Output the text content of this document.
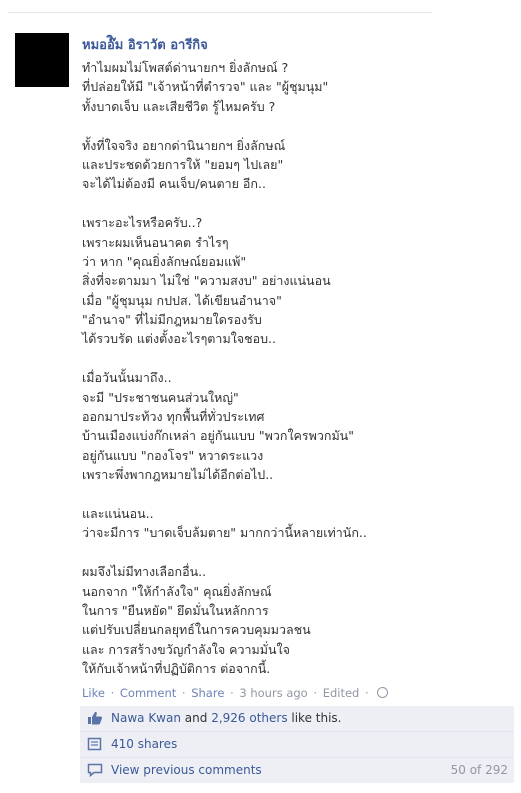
หมออ๊ิม อิราวัต อารีกิจ
ทำไมผมไม่โพสต์ด่านายกฯ ยิ่งลักษณ์ ?
ที่ปล่อยให้มี "เจ้าหน้าที่ตำรวจ" และ "ผู้ชุมนุม"
ทั้งบาดเจ็บ และเสียชีวิต รู้ไหมครับ ?
ทั้งที่ใจจริง อยากด่านินายกฯ ยิ่งลักษณ์
และประชดด้วยการให้ "ยอมๆ ไปเลย"
จะได้ไม่ต้องมี คนเจ็บ/คนตาย อีก..
เพราะอะไรหรือครับ..?
เพราะผมเห็นอนาคต รำไรๆ
ว่า หาก "คุณยิ่งลักษณ์ยอมแพ้"
สิ่งที่จะตามมา ไม่ใช่ "ความสงบ" อย่างแน่นอน
เมื่อ "ผู้ชุมนุม กปปส. ได้เขียนอำนาจ"
"อำนาจ" ที่ไม่มีกฎหมายใดรองรับ
ได้รวบรัด แต่งตั้งอะไรๆตามใจชอบ..
เมื่อวันนั้นมาถึง..
จะมี "ประชาชนคนส่วนใหญ่"
ออกมาประท้วง ทุกพื้นที่ทั่วประเทศ
บ้านเมืองแบ่งก๊กเหล่า อยู่กันแบบ "พวกใครพวกมัน"
อยู่กันแบบ "กองโจร" หวาดระแวง
เพราะพึ่งพากฎหมายไม่ได้อีกต่อไป..
และแน่นอน..
ว่าจะมีการ "บาดเจ็บล้มตาย" มากกว่านี้หลายเท่านัก..
ผมจึงไม่มีทางเลือกอื่น..
นอกจาก "ให้กำลังใจ" คุณยิ่งลักษณ์
ในการ "ยืนหยัด" ยึดมั่นในหลักการ
แต่ปรับเปลี่ยนกลยุทธ์ในการควบคุมมวลชน
และ การสร้างขวัญกำลังใจ ความมั่นใจ
ให้กับเจ้าหน้าที่ปฏิบัติการ ต่อจากนี้.
Like · Comment · Share · 3 hours ago · Edited ·
Nawa Kwan and 2,926 others like this.
410 shares
View previous comments	50 of 292
